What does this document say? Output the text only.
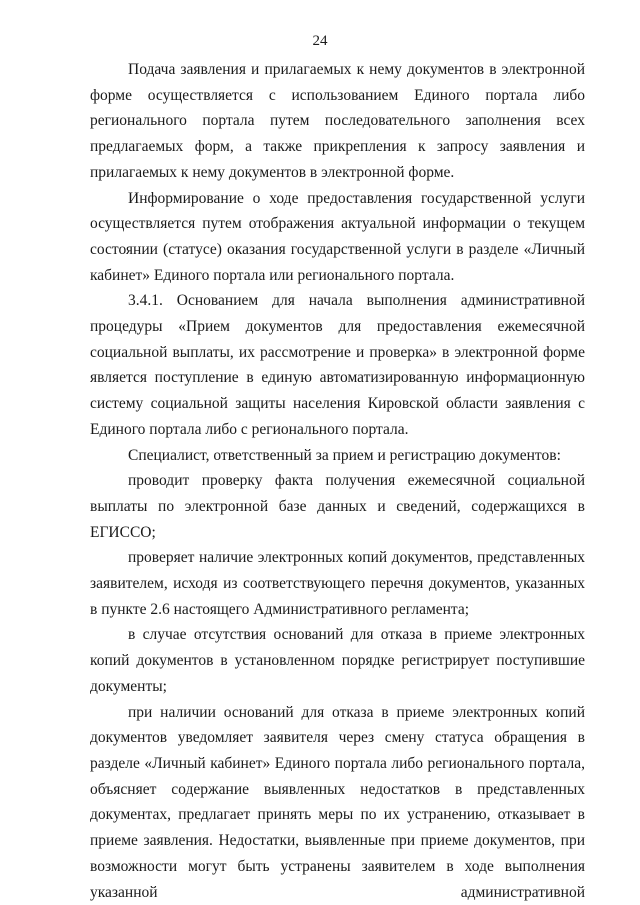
24

Подача заявления и прилагаемых к нему документов в электронной форме осуществляется с использованием Единого портала либо регионального портала путем последовательного заполнения всех предлагаемых форм, а также прикрепления к запросу заявления и прилагаемых к нему документов в электронной форме.

Информирование о ходе предоставления государственной услуги осуществляется путем отображения актуальной информации о текущем состоянии (статусе) оказания государственной услуги в разделе «Личный кабинет» Единого портала или регионального портала.

3.4.1. Основанием для начала выполнения административной процедуры «Прием документов для предоставления ежемесячной социальной выплаты, их рассмотрение и проверка» в электронной форме является поступление в единую автоматизированную информационную систему социальной защиты населения Кировской области заявления с Единого портала либо с регионального портала.

Специалист, ответственный за прием и регистрацию документов:

проводит проверку факта получения ежемесячной социальной выплаты по электронной базе данных и сведений, содержащихся в ЕГИССО;

проверяет наличие электронных копий документов, представленных заявителем, исходя из соответствующего перечня документов, указанных в пункте 2.6 настоящего Административного регламента;

в случае отсутствия оснований для отказа в приеме электронных копий документов в установленном порядке регистрирует поступившие документы;

при наличии оснований для отказа в приеме электронных копий документов уведомляет заявителя через смену статуса обращения в разделе «Личный кабинет» Единого портала либо регионального портала, объясняет содержание выявленных недостатков в представленных документах, предлагает принять меры по их устранению, отказывает в приеме заявления. Недостатки, выявленные при приеме документов, при возможности могут быть устранены заявителем в ходе выполнения указанной административной
